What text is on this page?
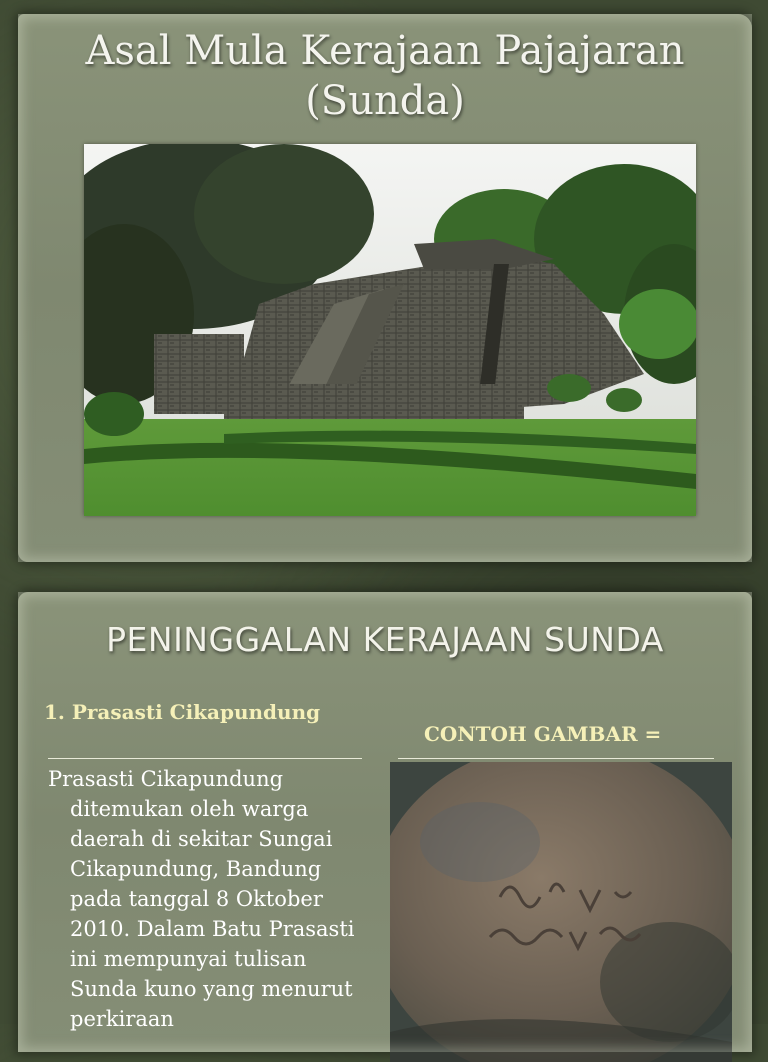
Asal Mula Kerajaan Pajajaran
(Sunda)
PENINGGALAN KERAJAAN SUNDA
1. Prasasti Cikapundung
CONTOH GAMBAR =
Prasasti Cikapundung ditemukan oleh warga daerah di sekitar Sungai Cikapundung, Bandung pada tanggal 8 Oktober 2010. Dalam Batu Prasasti ini mempunyai tulisan Sunda kuno yang menurut perkiraan
